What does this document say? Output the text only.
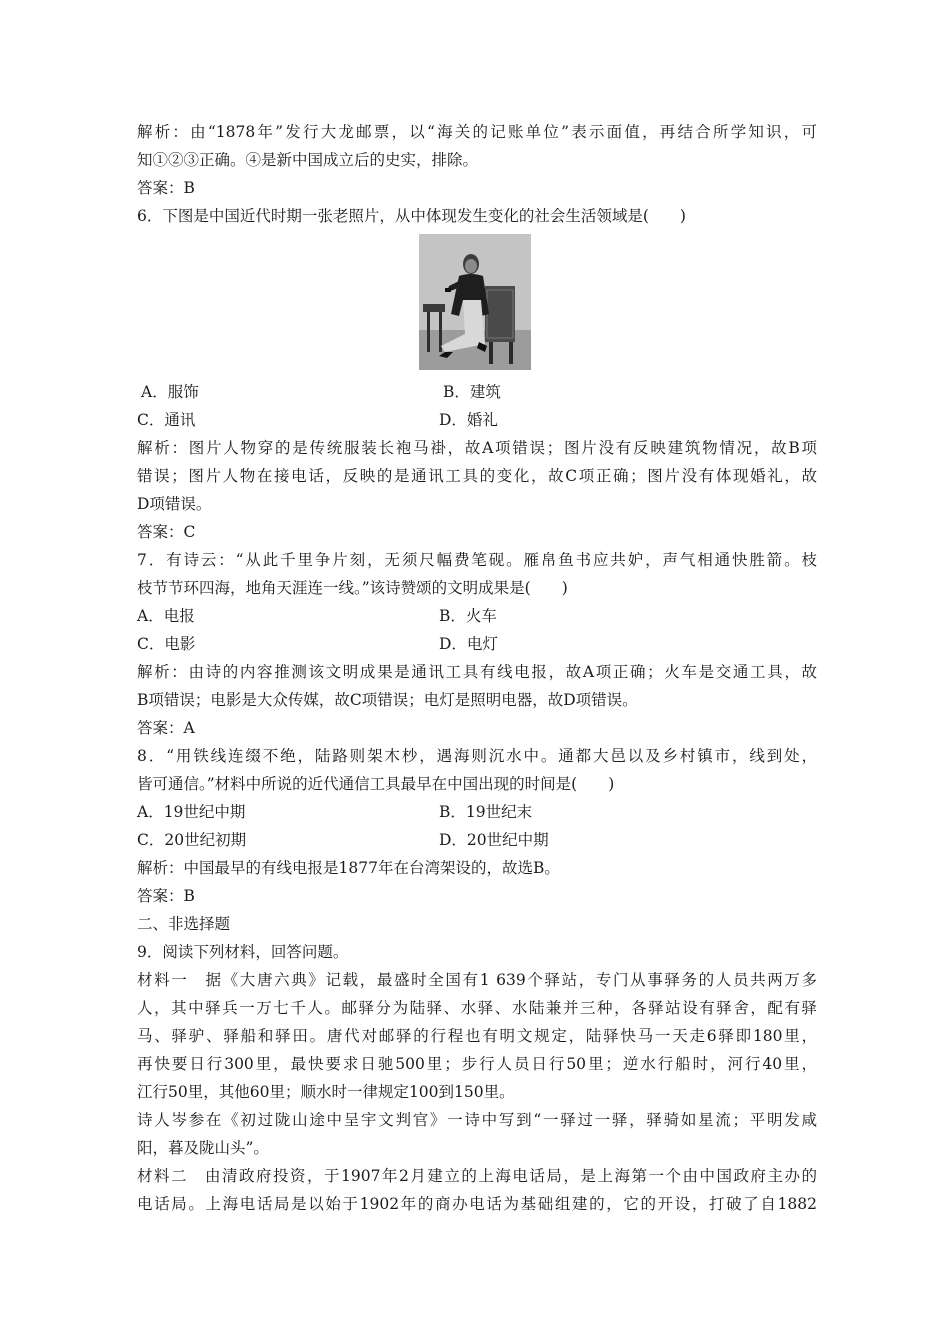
解析：由“1878年”发行大龙邮票，以“海关的记账单位”表示面值，再结合所学知识，可
知①②③正确。④是新中国成立后的史实，排除。
答案：B
6．下图是中国近代时期一张老照片，从中体现发生变化的社会生活领域是(　　)
A．服饰	B．建筑
C．通讯	D．婚礼
解析：图片人物穿的是传统服装长袍马褂，故A项错误；图片没有反映建筑物情况，故B项
错误；图片人物在接电话，反映的是通讯工具的变化，故C项正确；图片没有体现婚礼，故
D项错误。
答案：C
7．有诗云：“从此千里争片刻，无须尺幅费笔砚。雁帛鱼书应共妒，声气相通快胜箭。枝
枝节节环四海，地角天涯连一线。”该诗赞颂的文明成果是(　　)
A．电报	B．火车
C．电影	D．电灯
解析：由诗的内容推测该文明成果是通讯工具有线电报，故A项正确；火车是交通工具，故
B项错误；电影是大众传媒，故C项错误；电灯是照明电器，故D项错误。
答案：A
8．“用铁线连缀不绝，陆路则架木杪，遇海则沉水中。通都大邑以及乡村镇市，线到处，
皆可通信。”材料中所说的近代通信工具最早在中国出现的时间是(　　)
A．19世纪中期	B．19世纪末
C．20世纪初期	D．20世纪中期
解析：中国最早的有线电报是1877年在台湾架设的，故选B。
答案：B
二、非选择题
9．阅读下列材料，回答问题。
材料一　据《大唐六典》记载，最盛时全国有1 639个驿站，专门从事驿务的人员共两万多
人，其中驿兵一万七千人。邮驿分为陆驿、水驿、水陆兼并三种，各驿站设有驿舍，配有驿
马、驿驴、驿船和驿田。唐代对邮驿的行程也有明文规定，陆驿快马一天走6驿即180里，
再快要日行300里，最快要求日驰500里；步行人员日行50里；逆水行船时，河行40里，
江行50里，其他60里；顺水时一律规定100到150里。
诗人岑参在《初过陇山途中呈宇文判官》一诗中写到“一驿过一驿，驿骑如星流；平明发咸
阳，暮及陇山头”。
材料二　由清政府投资，于1907年2月建立的上海电话局，是上海第一个由中国政府主办的
电话局。上海电话局是以始于1902年的商办电话为基础组建的，它的开设，打破了自1882
